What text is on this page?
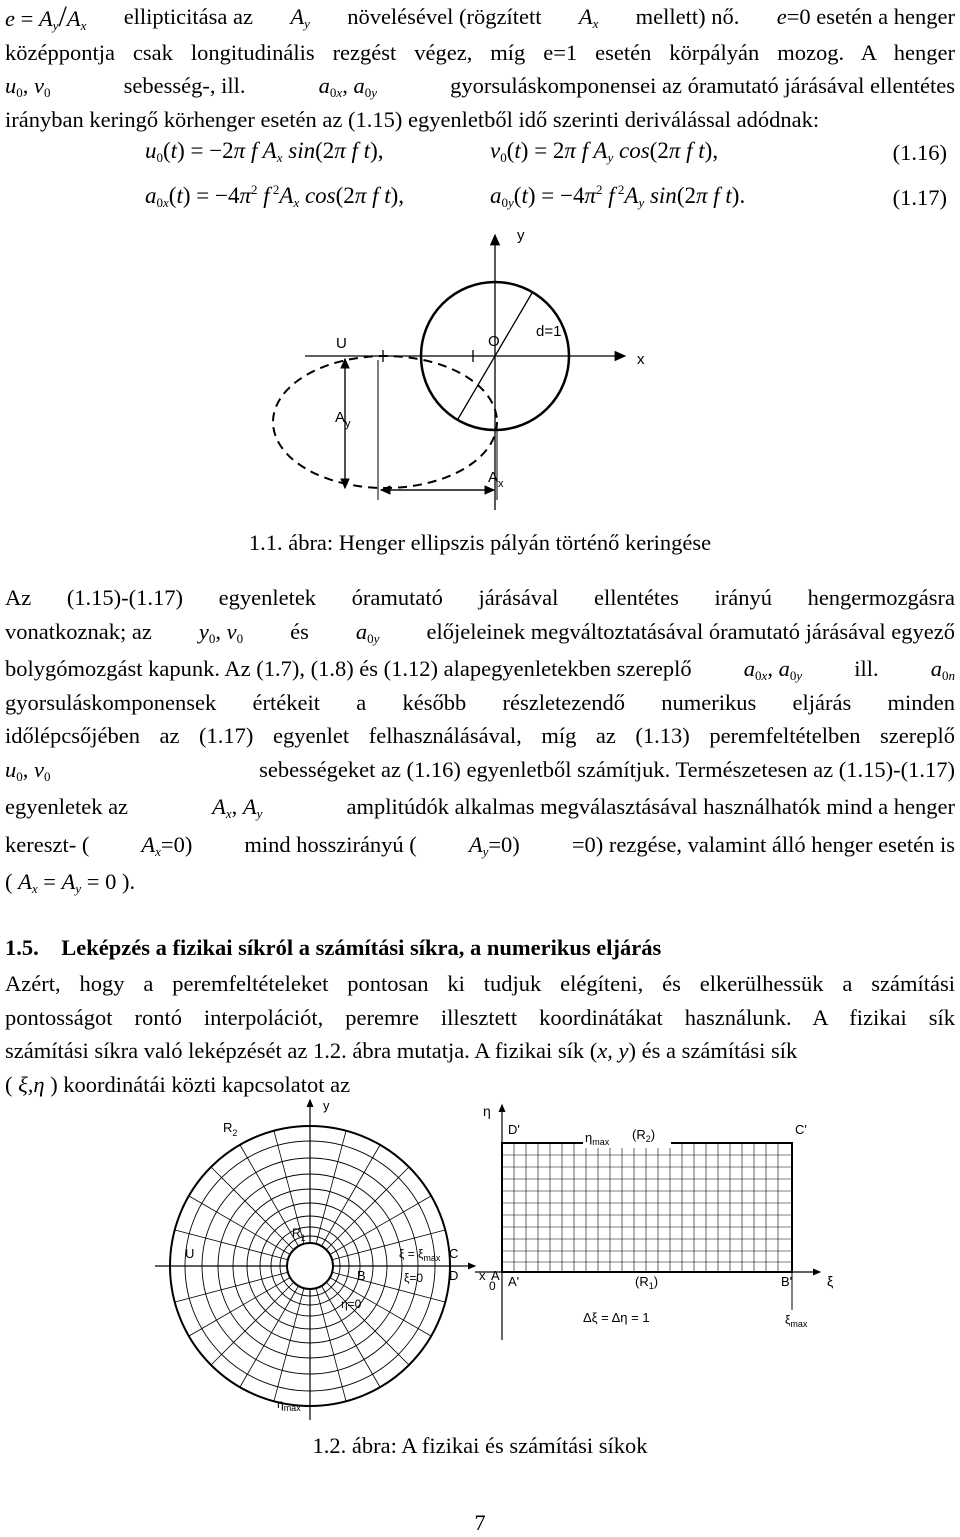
$e = A_y/A_x$ ellipticitása az $A_y$ növelésével (rögzített $A_x$ mellett) nő. e=0 esetén a henger
középpontja csak longitudinális rezgést végez, míg e=1 esetén körpályán mozog. A henger
$u_0$, $v_0$	sebesség-, ill.	$a_{0x}$, $a_{0y}$	gyorsuláskomponensei az óramutató járásával ellentétes
irányban keringő körhenger esetén az (1.15) egyenletből idő szerinti deriválással adódnak:
$u_0(t) = -2\pi$ f $A_x$ sin(2π f t),	$v_0(t) = 2\pi$ f $A_y$ cos(2π f t),	(1.16)
$a_{0x}(t) = -4\pi^2$ f $^2A_x$ cos(2π f t),	$a_{0y}(t) = -4\pi^2$ f $^2A_y$ sin(2π f t).	(1.17)
y
x
U	O
d=1
$A_y$
$A_x$
1.1. ábra: Henger ellipszis pályán történő keringése
Az (1.15)-(1.17) egyenletek óramutató járásával ellentétes irányú hengermozgásra
vonatkoznak; az $y_0$, $v_0$ és $a_{0y}$ előjeleinek megváltoztatásával óramutató járásával egyező
bolygómozgást kapunk. Az (1.7), (1.8) és (1.12) alapegyenletekben szereplő $a_{0x}$, $a_{0y}$ ill. $a_{0n}$
gyorsuláskomponensek értékeit a később részletezendő numerikus eljárás minden
időlépcsőjében az (1.17) egyenlet felhasználásával, míg az (1.13) peremfeltételben szereplő
$u_0$, $v_0$	sebességeket az (1.16) egyenletből számítjuk. Természetesen az (1.15)-(1.17)
egyenletek az	$A_x$, $A_y$	amplitúdók alkalmas megválasztásával használhatók mind a henger
kereszt- ( $A_x=0$) mind hosszirányú ( $A_y=0) =0$) rezgése, valamint álló henger esetén is
( $A_x = A_y = 0$ ).
1.5. Leképzés a fizikai síkról a számítási síkra, a numerikus eljárás
Azért, hogy a peremfeltételeket pontosan ki tudjuk elégíteni, és elkerülhessük a számítási
pontosságot rontó interpolációt, peremre illesztett koordinátákat használunk. A fizikai sík
számítási síkra való leképzését az 1.2. ábra mutatja. A fizikai sík (x, y) és a számítási sík
( ξ,η ) koordinátái közti kapcsolatot az
y
x
$R_2$
$R_1$
U	$\xi = \xi_{max}$ C
ξ=0 D	A
B
η=0
$\eta_{max}$
$\eta_{max}$ $(R_2)$
η
ξ
D'	C'
A'	B'
$(R_1)$
0
$\xi_{max}$
Δξ = Δη = 1
1.2. ábra: A fizikai és számítási síkok
7
